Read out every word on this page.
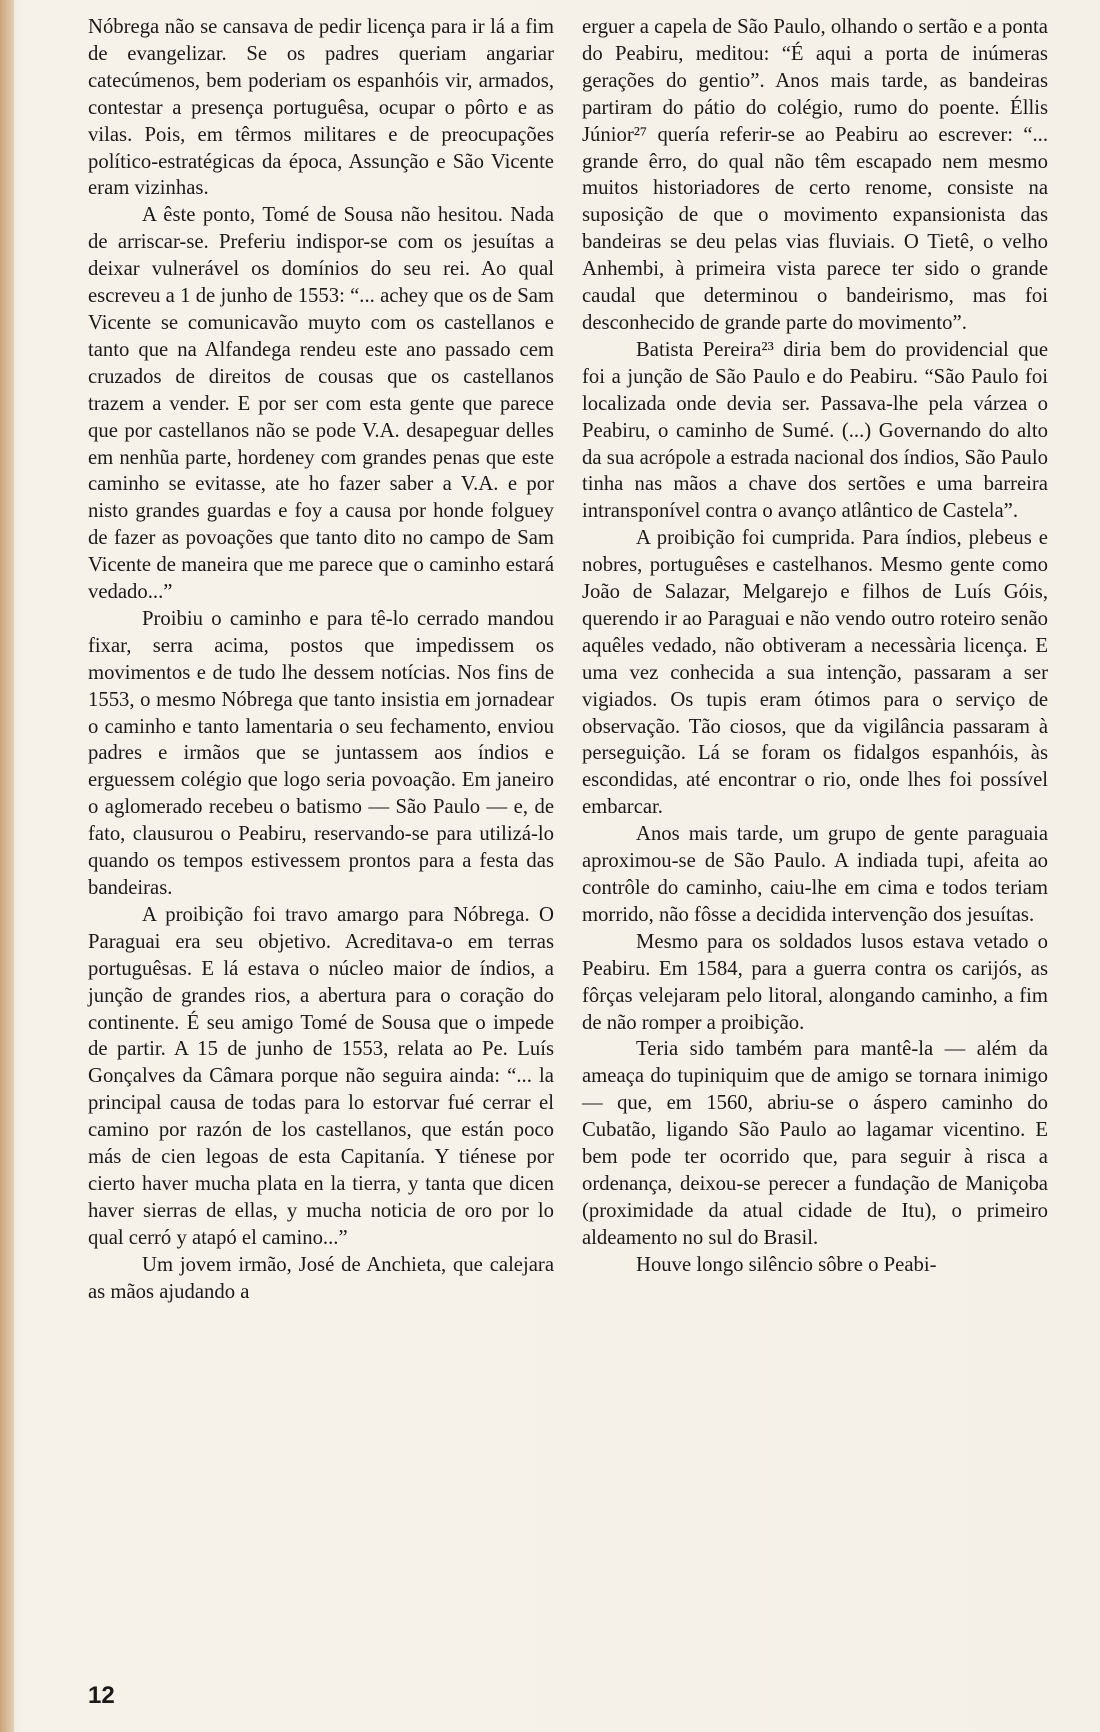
Nóbrega não se cansava de pedir licença para ir lá a fim de evangelizar. Se os padres queriam angariar catecúmenos, bem poderiam os espanhóis vir, armados, contestar a presença portuguêsa, ocupar o pôrto e as vilas. Pois, em têrmos militares e de preocupações político-estratégicas da época, Assunção e São Vicente eram vizinhas.

A êste ponto, Tomé de Sousa não hesitou. Nada de arriscar-se. Preferiu indispor-se com os jesuítas a deixar vulnerável os domínios do seu rei. Ao qual escreveu a 1 de junho de 1553: “... achey que os de Sam Vicente se comunicavão muyto com os castellanos e tanto que na Alfandega rendeu este ano passado cem cruzados de direitos de cousas que os castellanos trazem a vender. E por ser com esta gente que parece que por castellanos não se pode V.A. desapeguar delles em nenhũa parte, hordeney com grandes penas que este caminho se evitasse, ate ho fazer saber a V.A. e por nisto grandes guardas e foy a causa por honde folguey de fazer as povoações que tanto dito no campo de Sam Vicente de maneira que me parece que o caminho estará vedado...”

Proibiu o caminho e para tê-lo cerrado mandou fixar, serra acima, postos que impedissem os movimentos e de tudo lhe dessem notícias. Nos fins de 1553, o mesmo Nóbrega que tanto insistia em jornadear o caminho e tanto lamentaria o seu fechamento, enviou padres e irmãos que se juntassem aos índios e erguessem colégio que logo seria povoação. Em janeiro o aglomerado recebeu o batismo — São Paulo — e, de fato, clausurou o Peabiru, reservando-se para utilizá-lo quando os tempos estivessem prontos para a festa das bandeiras.

A proibição foi travo amargo para Nóbrega. O Paraguai era seu objetivo. Acreditava-o em terras portuguêsas. E lá estava o núcleo maior de índios, a junção de grandes rios, a abertura para o coração do continente. É seu amigo Tomé de Sousa que o impede de partir. A 15 de junho de 1553, relata ao Pe. Luís Gonçalves da Câmara porque não seguira ainda: “... la principal causa de todas para lo estorvar fué cerrar el camino por razón de los castellanos, que están poco más de cien legoas de esta Capitanía. Y tiénese por cierto haver mucha plata en la tierra, y tanta que dicen haver sierras de ellas, y mucha noticia de oro por lo qual cerró y atapó el camino...”

Um jovem irmão, José de Anchieta, que calejara as mãos ajudando a

erguer a capela de São Paulo, olhando o sertão e a ponta do Peabiru, meditou: “É aqui a porta de inúmeras gerações do gentio”. Anos mais tarde, as bandeiras partiram do pátio do colégio, rumo do poente. Éllis Júnior²⁷ quería referir-se ao Peabiru ao escrever: “... grande êrro, do qual não têm escapado nem mesmo muitos historiadores de certo renome, consiste na suposição de que o movimento expansionista das bandeiras se deu pelas vias fluviais. O Tietê, o velho Anhembi, à primeira vista parece ter sido o grande caudal que determinou o bandeirismo, mas foi desconhecido de grande parte do movimento”.

Batista Pereira²³ diria bem do providencial que foi a junção de São Paulo e do Peabiru. “São Paulo foi localizada onde devia ser. Passava-lhe pela várzea o Peabiru, o caminho de Sumé. (...) Governando do alto da sua acrópole a estrada nacional dos índios, São Paulo tinha nas mãos a chave dos sertões e uma barreira intransponível contra o avanço atlântico de Castela”.

A proibição foi cumprida. Para índios, plebeus e nobres, portuguêses e castelhanos. Mesmo gente como João de Salazar, Melgarejo e filhos de Luís Góis, querendo ir ao Paraguai e não vendo outro roteiro senão aquêles vedado, não obtiveram a necessària licença. E uma vez conhecida a sua intenção, passaram a ser vigiados. Os tupis eram ótimos para o serviço de observação. Tão ciosos, que da vigilância passaram à perseguição. Lá se foram os fidalgos espanhóis, às escondidas, até encontrar o rio, onde lhes foi possível embarcar.

Anos mais tarde, um grupo de gente paraguaia aproximou-se de São Paulo. A indiada tupi, afeita ao contrôle do caminho, caiu-lhe em cima e todos teriam morrido, não fôsse a decidida intervenção dos jesuítas.

Mesmo para os soldados lusos estava vetado o Peabiru. Em 1584, para a guerra contra os carijós, as fôrças velejaram pelo litoral, alongando caminho, a fim de não romper a proibição.

Teria sido também para mantê-la — além da ameaça do tupiniquim que de amigo se tornara inimigo — que, em 1560, abriu-se o áspero caminho do Cubatão, ligando São Paulo ao lagamar vicentino. E bem pode ter ocorrido que, para seguir à risca a ordenança, deixou-se perecer a fundação de Maniçoba (proximidade da atual cidade de Itu), o primeiro aldeamento no sul do Brasil.

Houve longo silêncio sôbre o Peabi-

12
